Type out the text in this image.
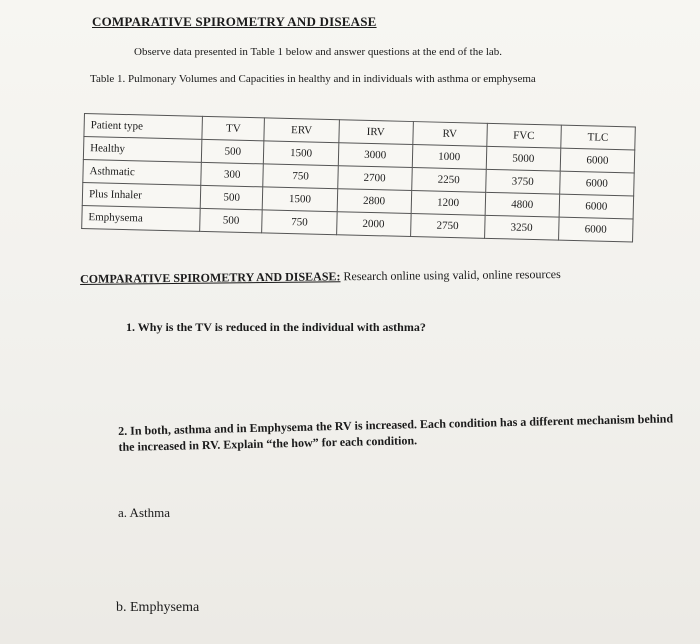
COMPARATIVE SPIROMETRY AND DISEASE
Observe data presented in Table 1 below and answer questions at the end of the lab.
Table 1. Pulmonary Volumes and Capacities in healthy and in individuals with asthma or emphysema
Patient type	TV	ERV	IRV	RV	FVC	TLC
Healthy	500	1500	3000	1000	5000	6000
Asthmatic	300	750	2700	2250	3750	6000
Plus Inhaler	500	1500	2800	1200	4800	6000
Emphysema	500	750	2000	2750	3250	6000
COMPARATIVE SPIROMETRY AND DISEASE: Research online using valid, online resources
1. Why is the TV is reduced in the individual with asthma?
2. In both, asthma and in Emphysema the RV is increased. Each condition has a different mechanism behind the increased in RV. Explain “the how” for each condition.
a. Asthma
b. Emphysema
